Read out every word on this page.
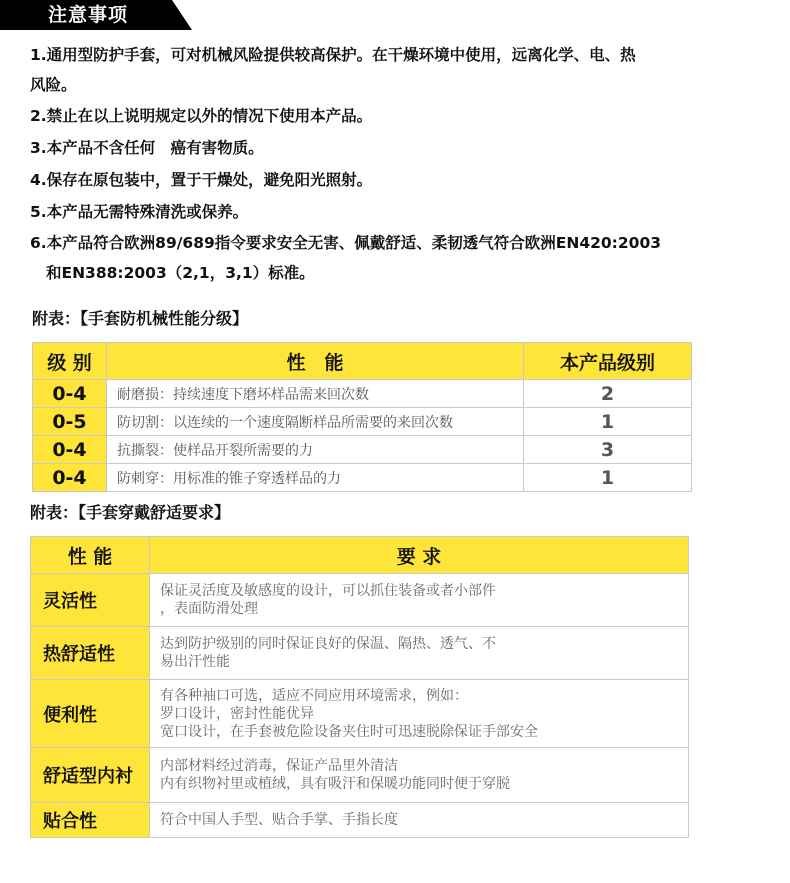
注意事项
1.通用型防护手套，可对机械风险提供较高保护。在干燥环境中使用，远离化学、电、热
风险。
2.禁止在以上说明规定以外的情况下使用本产品。
3.本产品不含任何　癌有害物质。
4.保存在原包装中，置于干燥处，避免阳光照射。
5.本产品无需特殊清洗或保养。
6.本产品符合欧洲89/689指令要求安全无害、佩戴舒适、柔韧透气符合欧洲EN420:2003
和EN388:2003（2,1，3,1）标准。
附表：【手套防机械性能分级】
级 别	性　能	本产品级别
0-4	耐磨损：持续速度下磨坏样品需来回次数	2
0-5	防切割：以连续的一个速度隔断样品所需要的来回次数	1
0-4	抗撕裂：使样品开裂所需要的力	3
0-4	防刺穿：用标准的锥子穿透样品的力	1
附表：【手套穿戴舒适要求】
性 能	要 求
灵活性	保证灵活度及敏感度的设计，可以抓住装备或者小部件
，表面防滑处理

热舒适性	达到防护级别的同时保证良好的保温、隔热、透气、不
易出汗性能

便利性	有各种袖口可选，适应不同应用环境需求，例如：
罗口设计，密封性能优异
宽口设计，在手套被危险设备夹住时可迅速脱除保证手部安全

舒适型内衬	内部材料经过消毒，保证产品里外清洁
内有织物衬里或植绒，具有吸汗和保暖功能同时便于穿脱

贴合性	符合中国人手型、贴合手掌、手指长度
